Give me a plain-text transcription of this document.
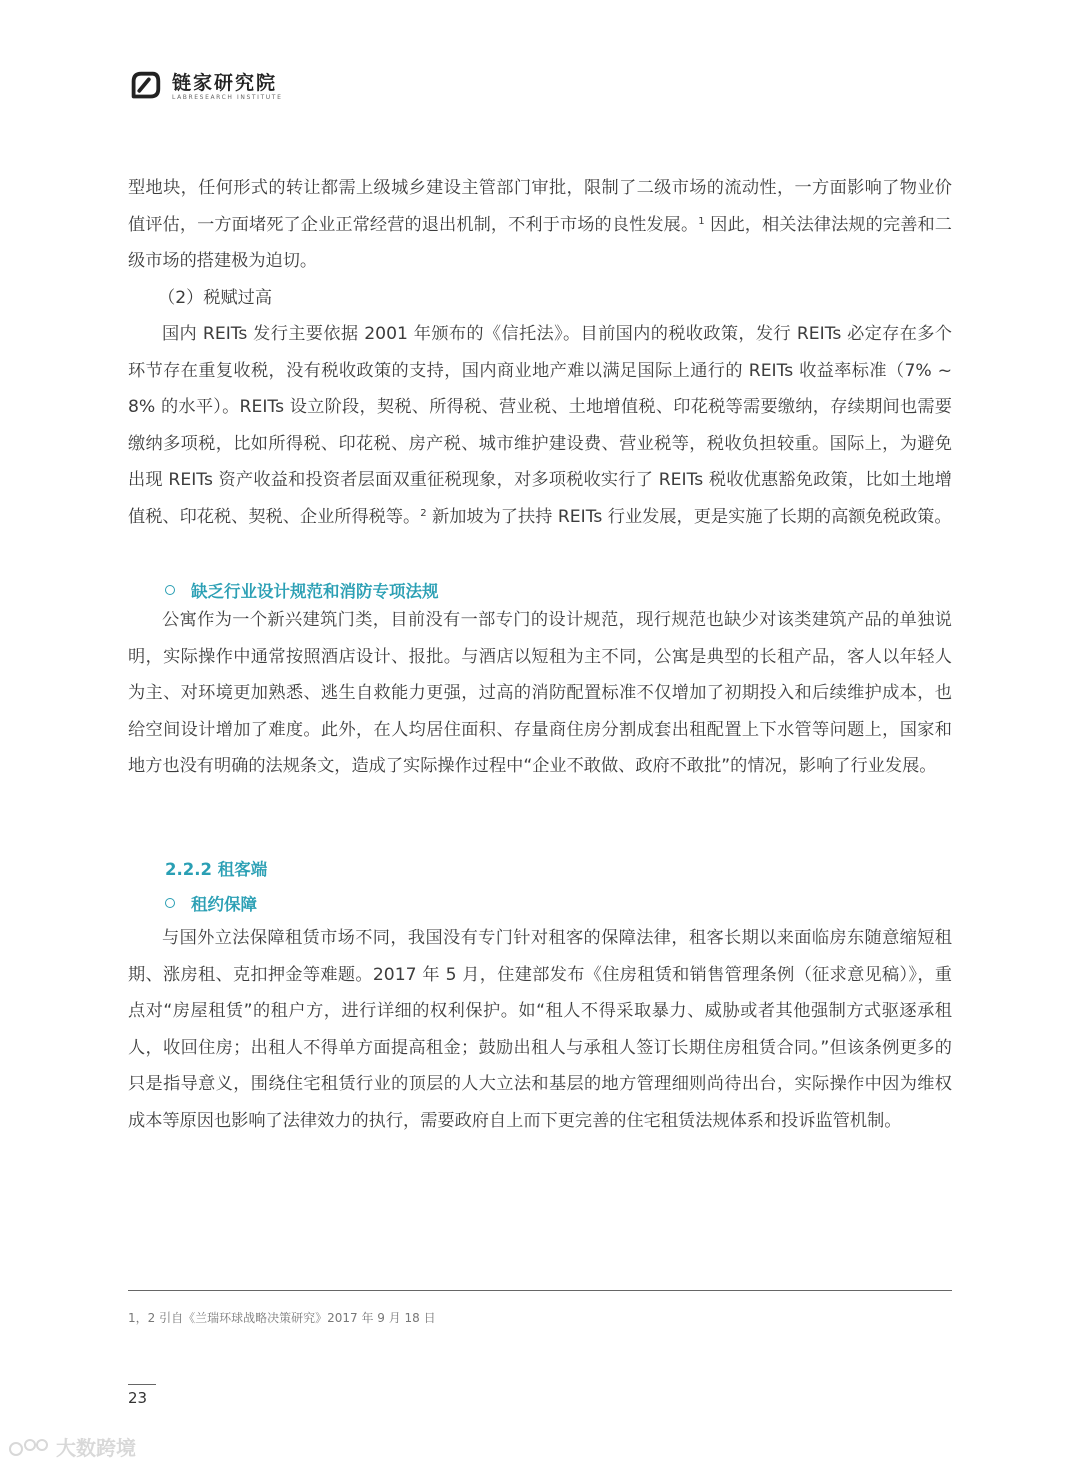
链家研究院
LABRESEARCH INSTITUTE

型地块，任何形式的转让都需上级城乡建设主管部门审批，限制了二级市场的流动性，一方面影响了物业价值评估，一方面堵死了企业正常经营的退出机制，不利于市场的良性发展。$^1$ 因此，相关法律法规的完善和二级市场的搭建极为迫切。

（2）税赋过高

国内 REITs 发行主要依据 2001 年颁布的《信托法》。目前国内的税收政策，发行 REITs 必定存在多个环节存在重复收税，没有税收政策的支持，国内商业地产难以满足国际上通行的 REITs 收益率标准（7% ~ 8% 的水平）。REITs 设立阶段，契税、所得税、营业税、土地增值税、印花税等需要缴纳，存续期间也需要缴纳多项税，比如所得税、印花税、房产税、城市维护建设费、营业税等，税收负担较重。国际上，为避免出现 REITs 资产收益和投资者层面双重征税现象，对多项税收实行了 REITs 税收优惠豁免政策，比如土地增值税、印花税、契税、企业所得税等。$^2$ 新加坡为了扶持 REITs 行业发展，更是实施了长期的高额免税政策。

缺乏行业设计规范和消防专项法规

公寓作为一个新兴建筑门类，目前没有一部专门的设计规范，现行规范也缺少对该类建筑产品的单独说明，实际操作中通常按照酒店设计、报批。与酒店以短租为主不同，公寓是典型的长租产品，客人以年轻人为主、对环境更加熟悉、逃生自救能力更强，过高的消防配置标准不仅增加了初期投入和后续维护成本，也给空间设计增加了难度。此外，在人均居住面积、存量商住房分割成套出租配置上下水管等问题上，国家和地方也没有明确的法规条文，造成了实际操作过程中“企业不敢做、政府不敢批”的情况，影响了行业发展。

2.2.2 租客端
租约保障

与国外立法保障租赁市场不同，我国没有专门针对租客的保障法律，租客长期以来面临房东随意缩短租期、涨房租、克扣押金等难题。2017 年 5 月，住建部发布《住房租赁和销售管理条例（征求意见稿）》，重点对“房屋租赁”的租户方，进行详细的权利保护。如“租人不得采取暴力、威胁或者其他强制方式驱逐承租人，收回住房；出租人不得单方面提高租金；鼓励出租人与承租人签订长期住房租赁合同。”但该条例更多的只是指导意义，围绕住宅租赁行业的顶层的人大立法和基层的地方管理细则尚待出台，实际操作中因为维权成本等原因也影响了法律效力的执行，需要政府自上而下更完善的住宅租赁法规体系和投诉监管机制。

1，2 引自《兰瑞环球战略决策研究》2017 年 9 月 18 日
23
大数跨境
